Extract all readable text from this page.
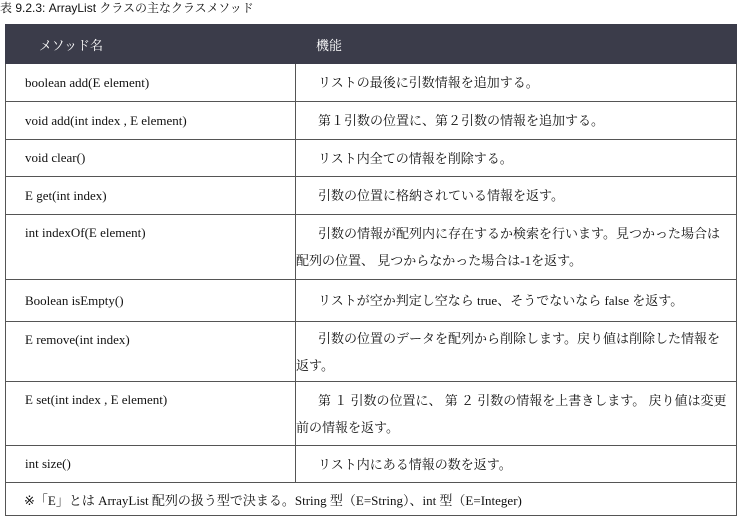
表 9.2.3: ArrayList クラスの主なクラスメソッド
メソッド名	機能
boolean add(E element)	リストの最後に引数情報を追加する。
void add(int index , E element)	第１引数の位置に、第２引数の情報を追加する。
void clear()	リスト内全ての情報を削除する。
E get(int index)	引数の位置に格納されている情報を返す。
int indexOf(E element)	引数の情報が配列内に存在するか検索を行います。見つかった場合は配列の位置、 見つからなかった場合は-1を返す。

Boolean isEmpty()	リストが空か判定し空なら true、そうでないなら false を返す。
E remove(int index)	引数の位置のデータを配列から削除します。戻り値は削除した情報を返す。

E set(int index , E element)	第 １ 引数の位置に、 第 ２ 引数の情報を上書きします。 戻り値は変更前の情報を返す。

int size()	リスト内にある情報の数を返す。
※「E」とは ArrayList 配列の扱う型で決まる。String 型（E=String）、int 型（E=Integer)	
